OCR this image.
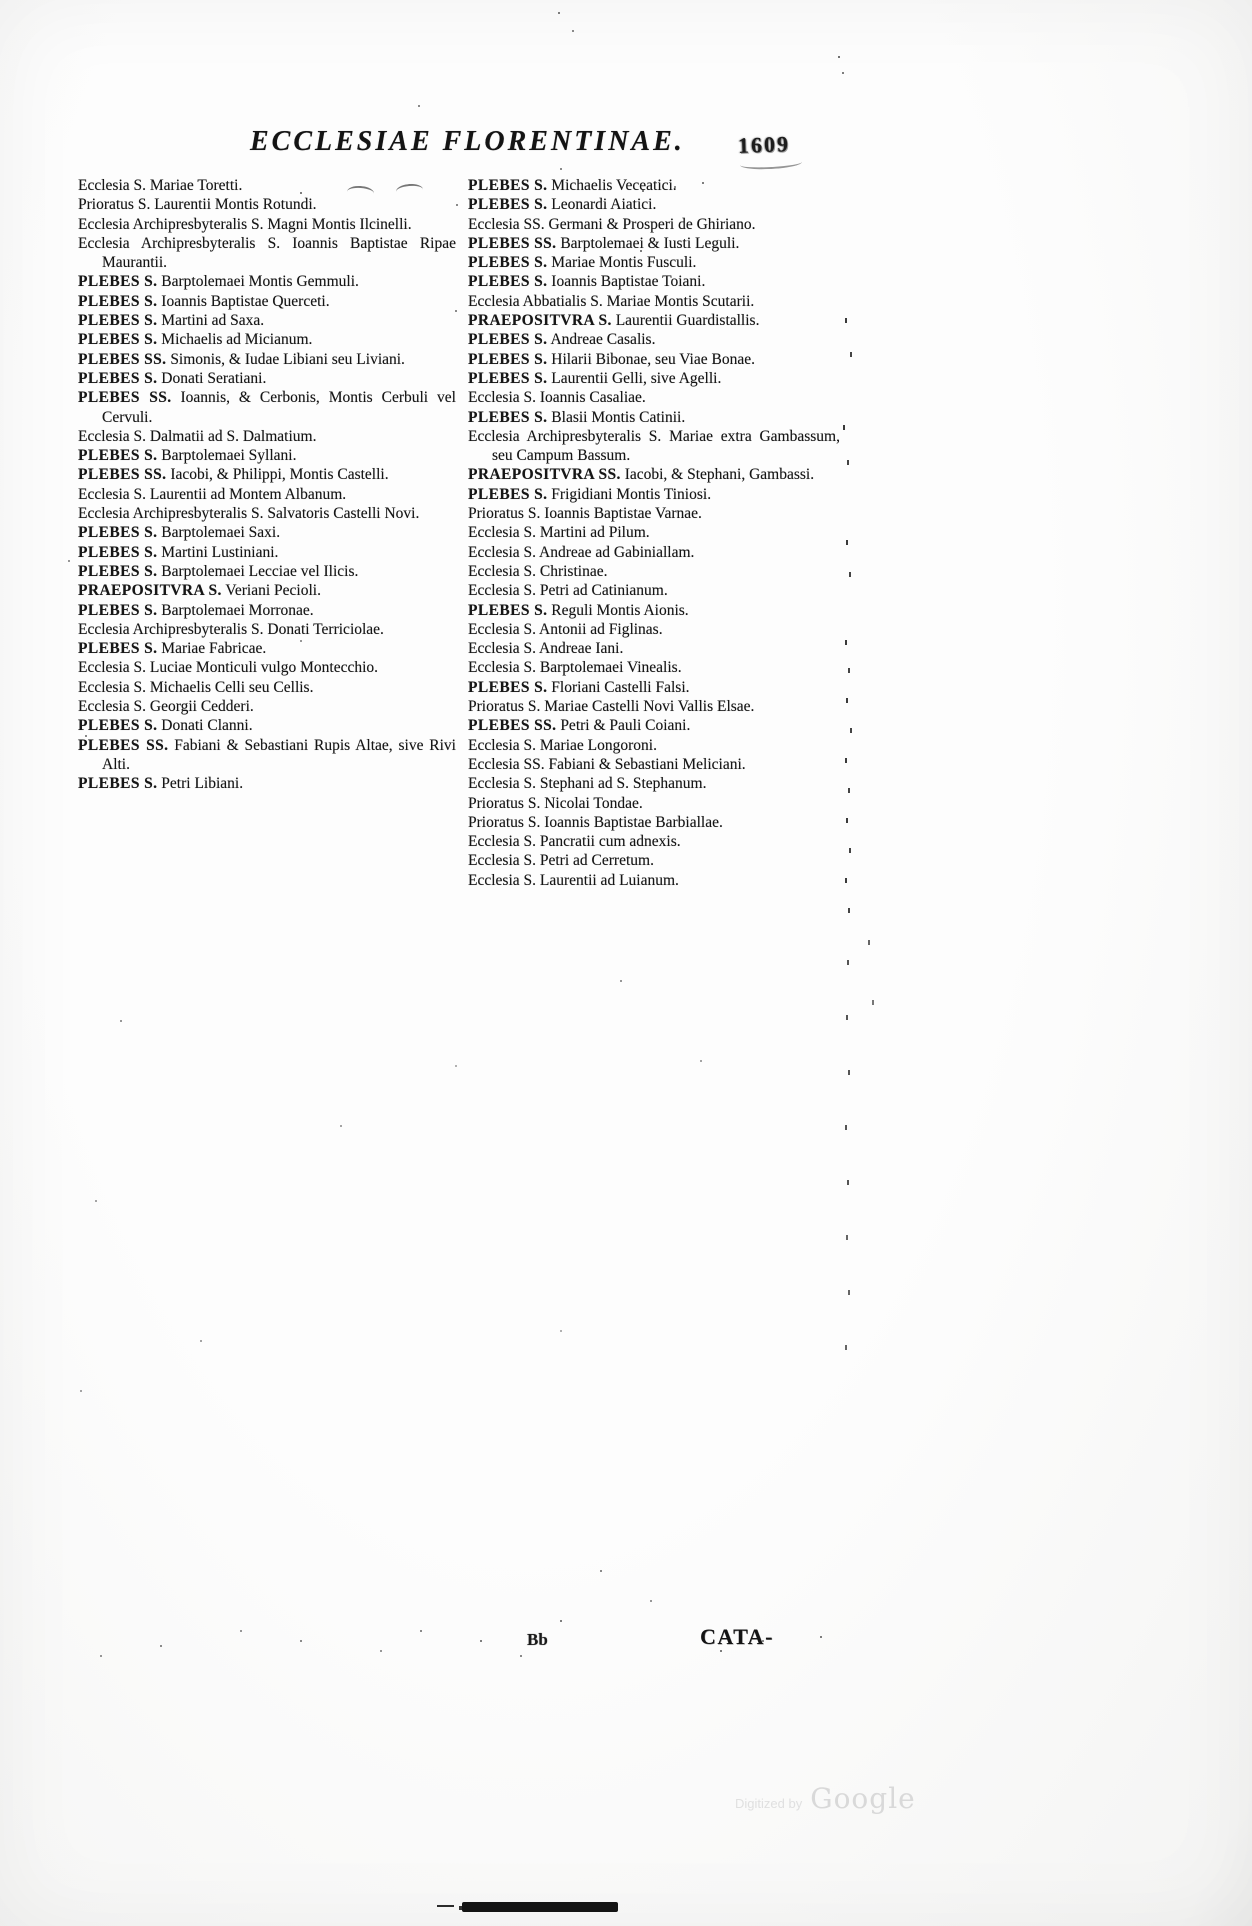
ECCLESIAE FLORENTINAE. 1609
Ecclesia S. Mariae Toretti.
Prioratus S. Laurentii Montis Rotundi.
Ecclesia Archipresbyteralis S. Magni Montis Ilcinelli.
Ecclesia Archipresbyteralis S. Ioannis Baptistae Ripae Maurantii.
PLEBES S. Barptolemaei Montis Gemmuli.
PLEBES S. Ioannis Baptistae Querceti.
PLEBES S. Martini ad Saxa.
PLEBES S. Michaelis ad Micianum.
PLEBES SS. Simonis, & Iudae Libiani seu Liviani.
PLEBES S. Donati Seratiani.
PLEBES SS. Ioannis, & Cerbonis, Montis Cerbuli vel Cervuli.
Ecclesia S. Dalmatii ad S. Dalmatium.
PLEBES S. Barptolemaei Syllani.
PLEBES SS. Iacobi, & Philippi, Montis Castelli.
Ecclesia S. Laurentii ad Montem Albanum.
Ecclesia Archipresbyteralis S. Salvatoris Castelli Novi.
PLEBES S. Barptolemaei Saxi.
PLEBES S. Martini Lustiniani.
PLEBES S. Barptolemaei Lecciae vel Ilicis.
PRAEPOSITVRA S. Veriani Pecioli.
PLEBES S. Barptolemaei Morronae.
Ecclesia Archipresbyteralis S. Donati Terriciolae.
PLEBES S. Mariae Fabricae.
Ecclesia S. Luciae Monticuli vulgo Montecchio.
Ecclesia S. Michaelis Celli seu Cellis.
Ecclesia S. Georgii Cedderi.
PLEBES S. Donati Clanni.
PLEBES SS. Fabiani & Sebastiani Rupis Altae, sive Rivi Alti.
PLEBES S. Petri Libiani.
PLEBES S. Michaelis Veceatici.
PLEBES S. Leonardi Aiatici.
Ecclesia SS. Germani & Prosperi de Ghiriano.
PLEBES SS. Barptolemaei & Iusti Leguli.
PLEBES S. Mariae Montis Fusculi.
PLEBES S. Ioannis Baptistae Toiani.
Ecclesia Abbatialis S. Mariae Montis Scutarii.
PRAEPOSITVRA S. Laurentii Guardistallis.
PLEBES S. Andreae Casalis.
PLEBES S. Hilarii Bibonae, seu Viae Bonae.
PLEBES S. Laurentii Gelli, sive Agelli.
Ecclesia S. Ioannis Casaliae.
PLEBES S. Blasii Montis Catinii.
Ecclesia Archipresbyteralis S. Mariae extra Gambassum, seu Campum Bassum.
PRAEPOSITVRA SS. Iacobi, & Stephani, Gambassi.
PLEBES S. Frigidiani Montis Tiniosi.
Prioratus S. Ioannis Baptistae Varnae.
Ecclesia S. Martini ad Pilum.
Ecclesia S. Andreae ad Gabiniallam.
Ecclesia S. Christinae.
Ecclesia S. Petri ad Catinianum.
PLEBES S. Reguli Montis Aionis.
Ecclesia S. Antonii ad Figlinas.
Ecclesia S. Andreae Iani.
Ecclesia S. Barptolemaei Vinealis.
PLEBES S. Floriani Castelli Falsi.
Prioratus S. Mariae Castelli Novi Vallis Elsae.
PLEBES SS. Petri & Pauli Coiani.
Ecclesia S. Mariae Longoroni.
Ecclesia SS. Fabiani & Sebastiani Meliciani.
Ecclesia S. Stephani ad S. Stephanum.
Prioratus S. Nicolai Tondae.
Prioratus S. Ioannis Baptistae Barbiallae.
Ecclesia S. Pancratii cum adnexis.
Ecclesia S. Petri ad Cerretum.
Ecclesia S. Laurentii ad Luianum.
Bb	CATA-
Digitized by Google
